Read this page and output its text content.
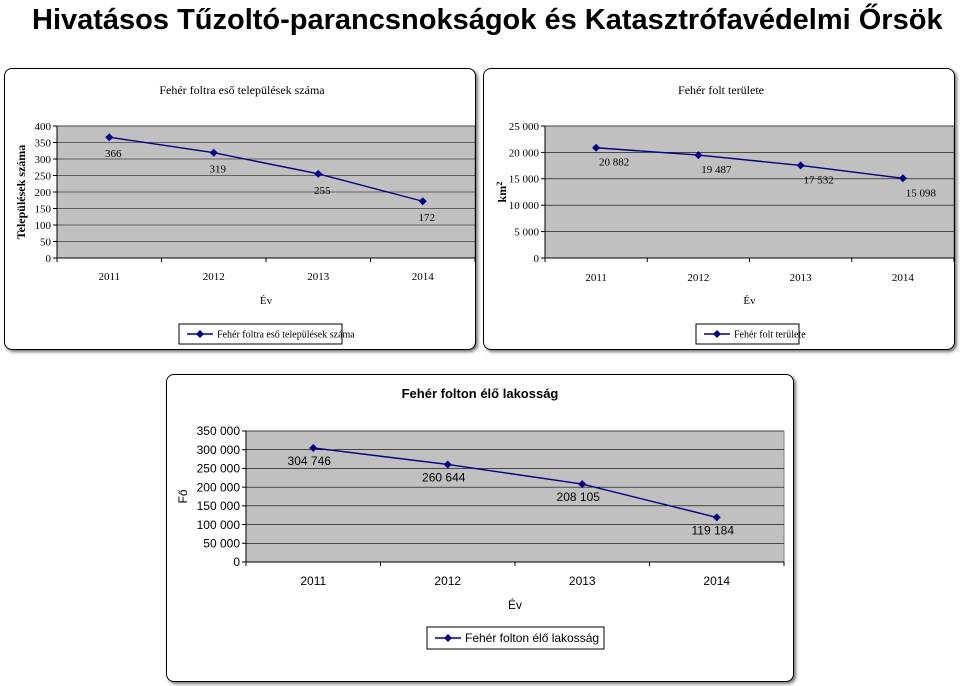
Hivatásos Tűzoltó-parancsnokságok és Katasztrófavédelmi Őrsök
Fehér foltra eső települések száma
0
50
100
150
200
250
300
350
400
2011	2012	2013	2014
Év
Települések száma	366
319
255
172
Fehér foltra eső települések száma
Fehér folt területe
0
5 000
10 000
15 000
20 000
25 000
2011	2012	2013	2014
Év
$km^2$
20 882
19 487
17 532
15 098
Fehér folt területe
Fehér folton élő lakosság
0
50 000
100 000
150 000
200 000
250 000
300 000
350 000
2011	2012	2013	2014
Év
Fő
304 746
260 644
208 105
119 184
Fehér folton élő lakosság
